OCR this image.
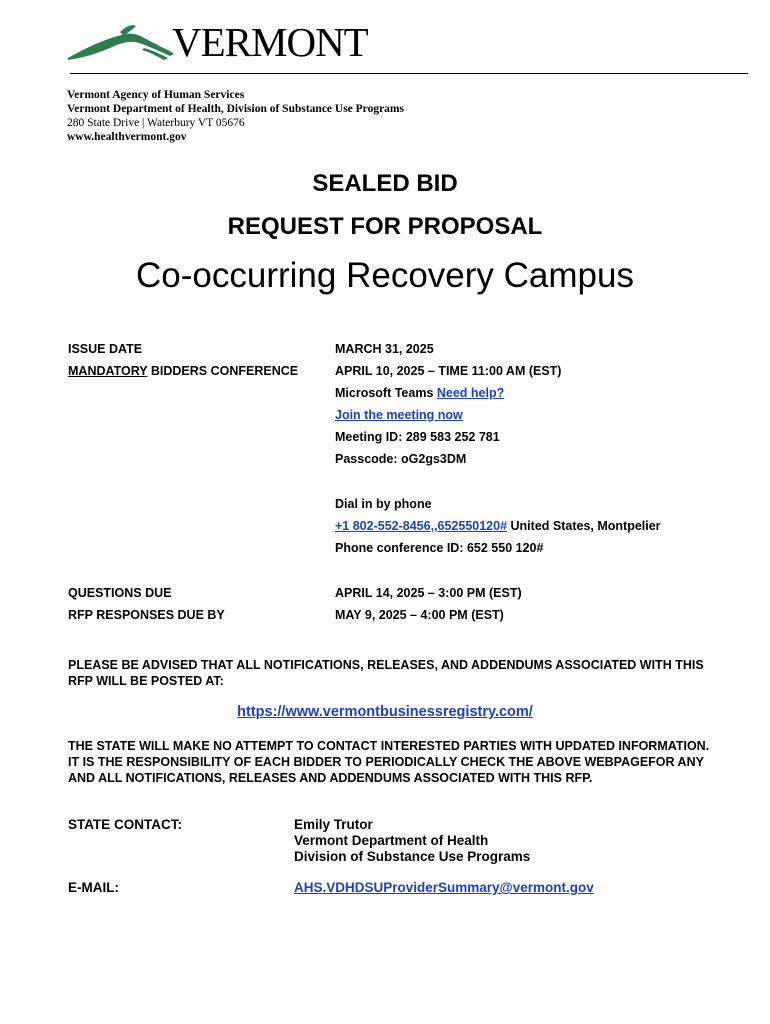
VERMONT
Vermont Agency of Human Services
Vermont Department of Health, Division of Substance Use Programs
280 State Drive | Waterbury VT 05676
www.healthvermont.gov
SEALED BID
REQUEST FOR PROPOSAL
Co-occurring Recovery Campus
ISSUE DATE	MARCH 31, 2025
MANDATORY BIDDERS CONFERENCE	APRIL 10, 2025 – TIME 11:00 AM (EST)
Microsoft Teams Need help?
Join the meeting now
Meeting ID: 289 583 252 781
Passcode: oG2gs3DM
Dial in by phone
+1 802-552-8456,,652550120# United States, Montpelier
Phone conference ID: 652 550 120#
QUESTIONS DUE	APRIL 14, 2025 – 3:00 PM (EST)
RFP RESPONSES DUE BY	MAY 9, 2025 – 4:00 PM (EST)
PLEASE BE ADVISED THAT ALL NOTIFICATIONS, RELEASES, AND ADDENDUMS ASSOCIATED WITH THIS RFP WILL BE POSTED AT:
https://www.vermontbusinessregistry.com/
THE STATE WILL MAKE NO ATTEMPT TO CONTACT INTERESTED PARTIES WITH UPDATED INFORMATION. IT IS THE RESPONSIBILITY OF EACH BIDDER TO PERIODICALLY CHECK THE ABOVE WEBPAGEFOR ANY AND ALL NOTIFICATIONS, RELEASES AND ADDENDUMS ASSOCIATED WITH THIS RFP.
STATE CONTACT:	Emily Trutor
Vermont Department of Health
Division of Substance Use Programs
E-MAIL:	AHS.VDHDSUProviderSummary@vermont.gov
